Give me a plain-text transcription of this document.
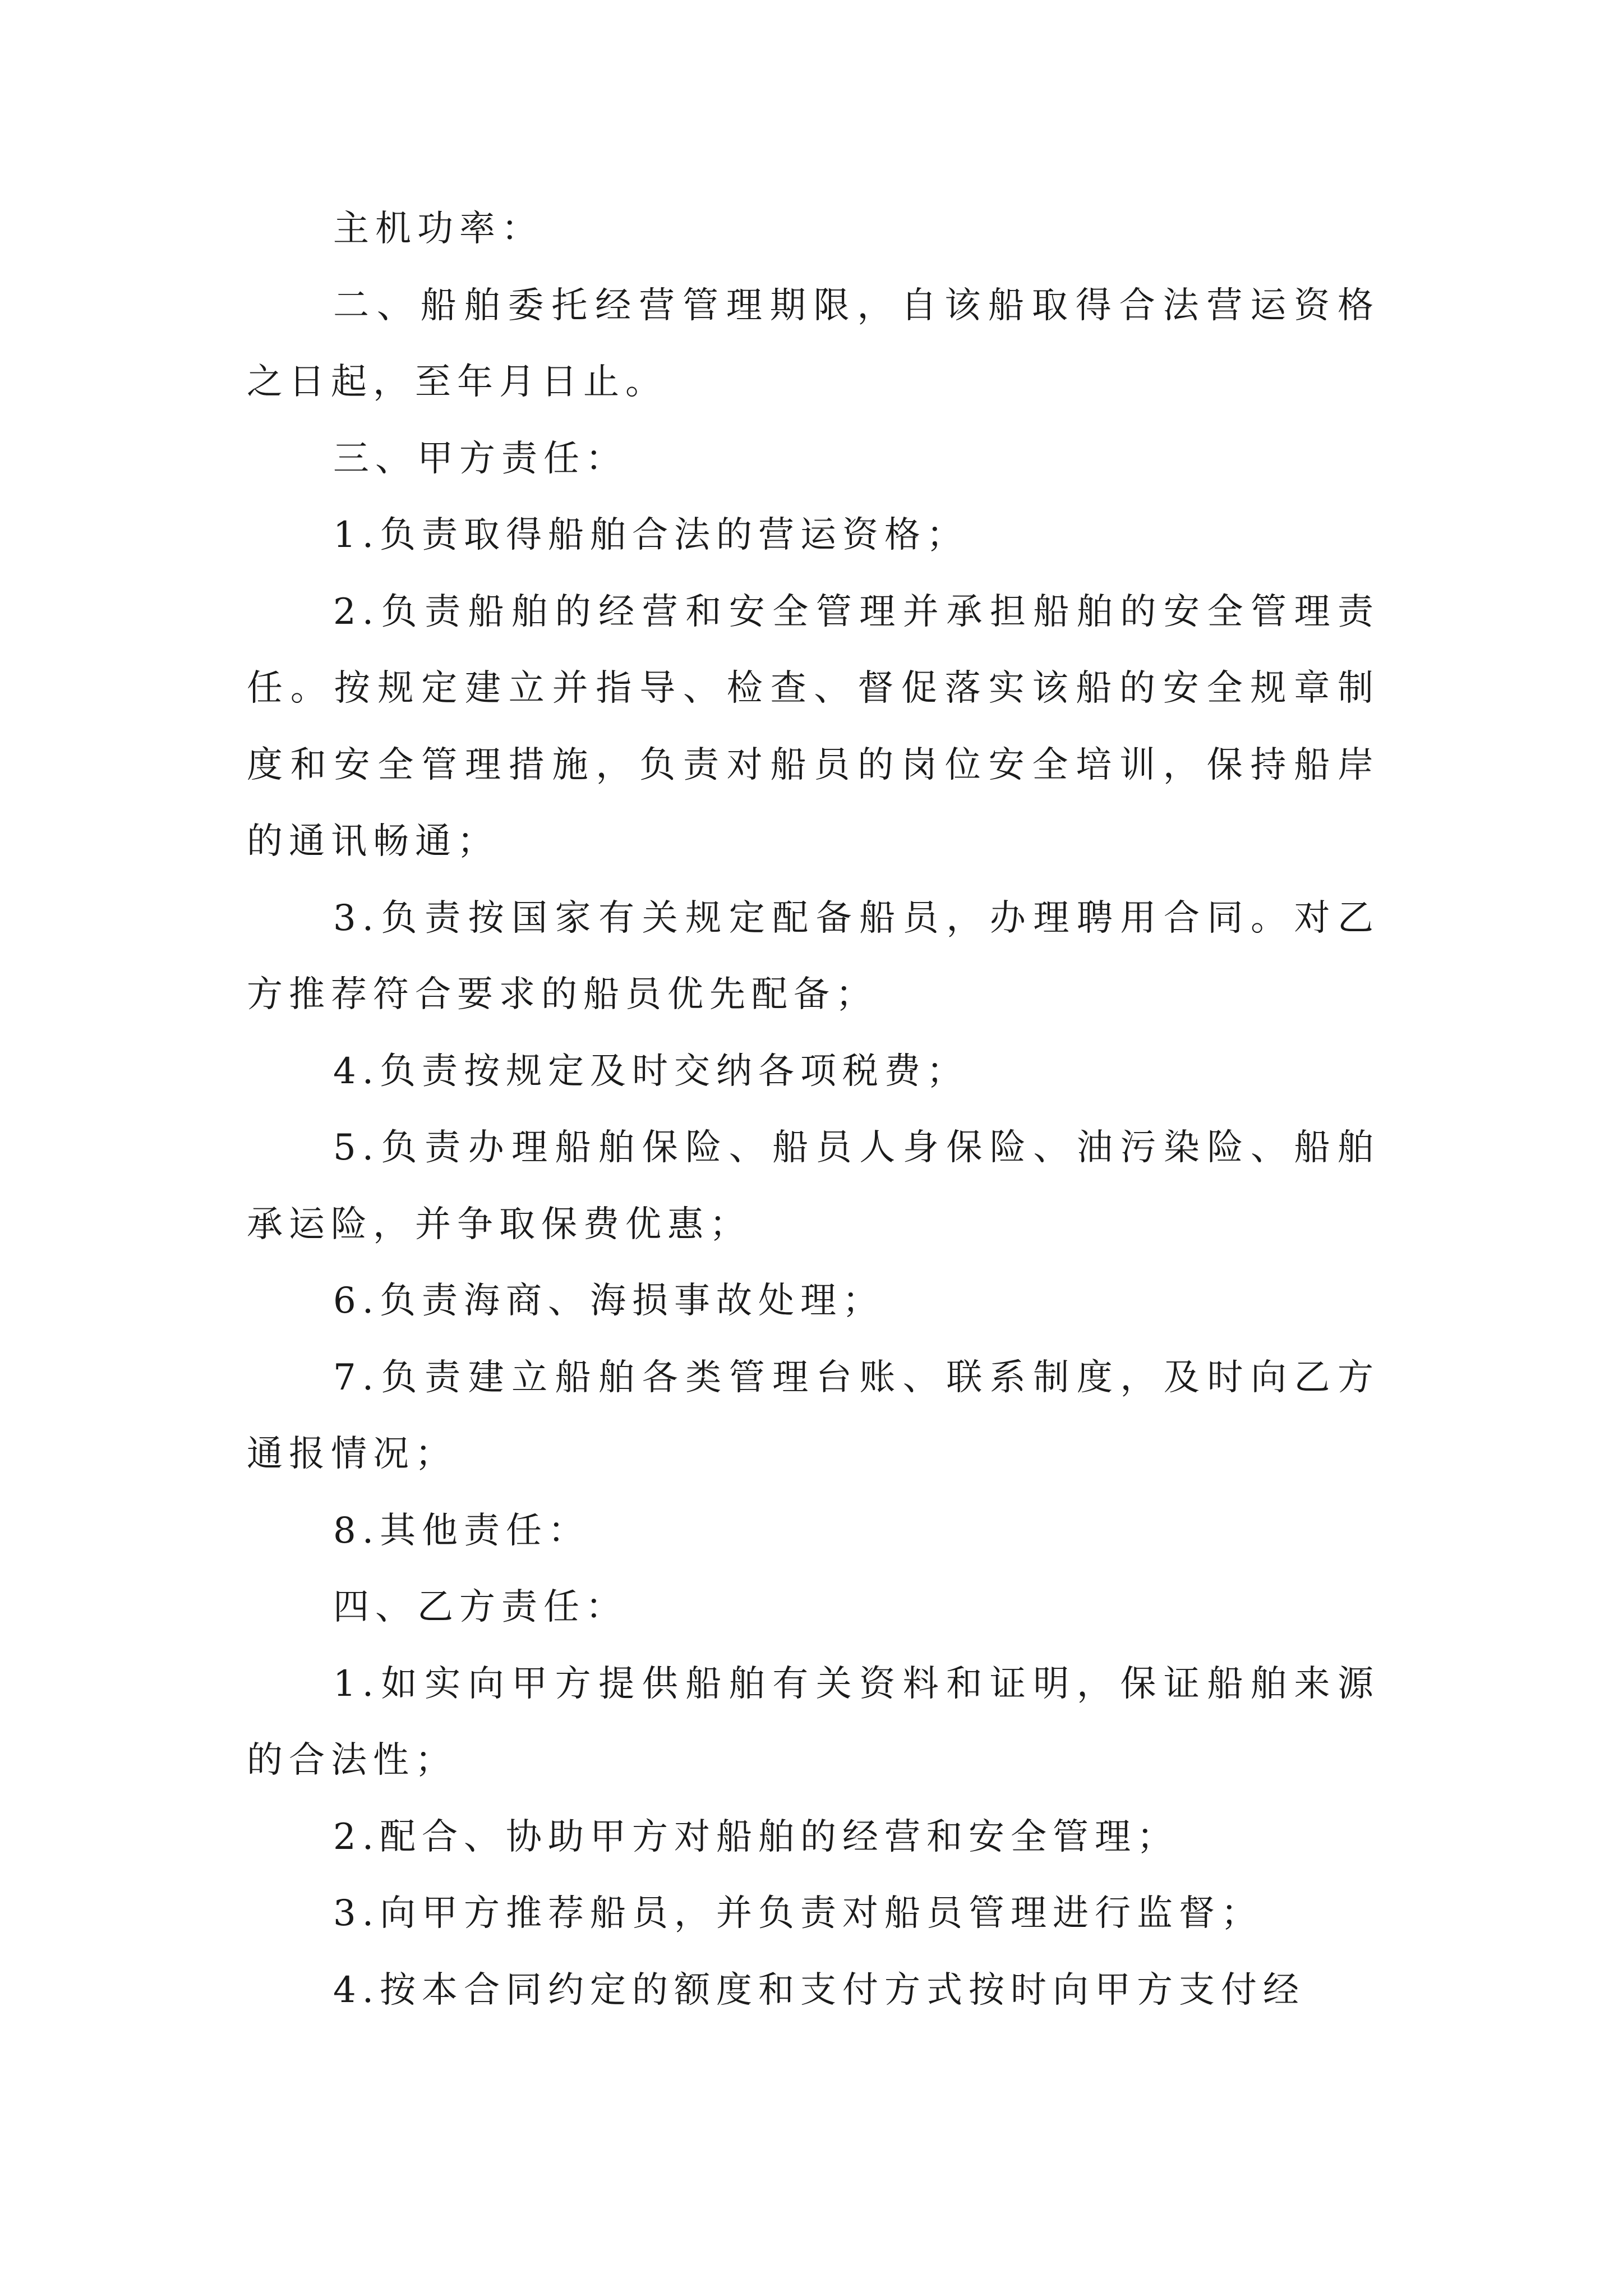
主机功率：

二、船舶委托经营管理期限，自该船取得合法营运资格之日起，至年月日止。

三、甲方责任：

1.负责取得船舶合法的营运资格；

2.负责船舶的经营和安全管理并承担船舶的安全管理责任。按规定建立并指导、检查、督促落实该船的安全规章制度和安全管理措施，负责对船员的岗位安全培训，保持船岸的通讯畅通；

3.负责按国家有关规定配备船员，办理聘用合同。对乙方推荐符合要求的船员优先配备；

4.负责按规定及时交纳各项税费；

5.负责办理船舶保险、船员人身保险、油污染险、船舶承运险，并争取保费优惠；

6.负责海商、海损事故处理；

7.负责建立船舶各类管理台账、联系制度，及时向乙方通报情况；

8.其他责任：

四、乙方责任：

1.如实向甲方提供船舶有关资料和证明，保证船舶来源的合法性；

2.配合、协助甲方对船舶的经营和安全管理；

3.向甲方推荐船员，并负责对船员管理进行监督；

4.按本合同约定的额度和支付方式按时向甲方支付经
